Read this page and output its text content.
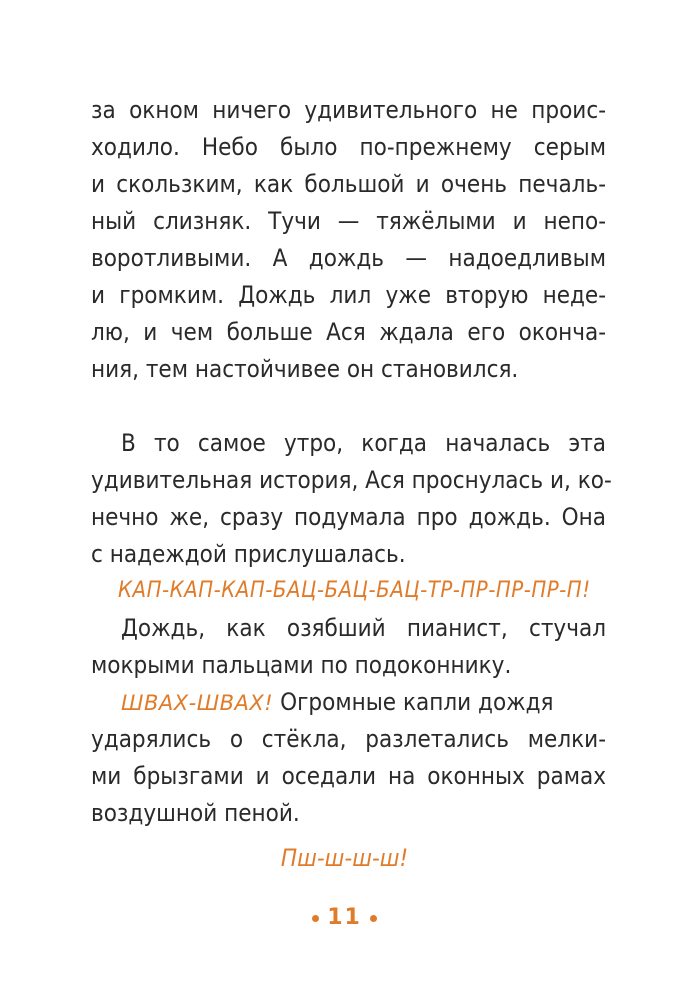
за окном ничего удивительного не проис-
ходило. Небо было по-прежнему серым
и скользким, как большой и очень печаль-
ный слизняк. Тучи — тяжёлыми и непо-
воротливыми. А дождь — надоедливым
и громким. Дождь лил уже вторую неде-
лю, и чем больше Ася ждала его оконча-
ния, тем настойчивее он становился.
В то самое утро, когда началась эта
удивительная история, Ася проснулась и, ко-
нечно же, сразу подумала про дождь. Она
с надеждой прислушалась.
КАП-КАП-КАП-БАЦ-БАЦ-БАЦ-ТР-ПР-ПР-ПР-П!
Дождь, как озябший пианист, стучал
мокрыми пальцами по подоконнику.
ШВАХ-ШВАХ! Огромные капли дождя
ударялись о стёкла, разлетались мелки-
ми брызгами и оседали на оконных рамах
воздушной пеной.
Пш-ш-ш-ш!
11
